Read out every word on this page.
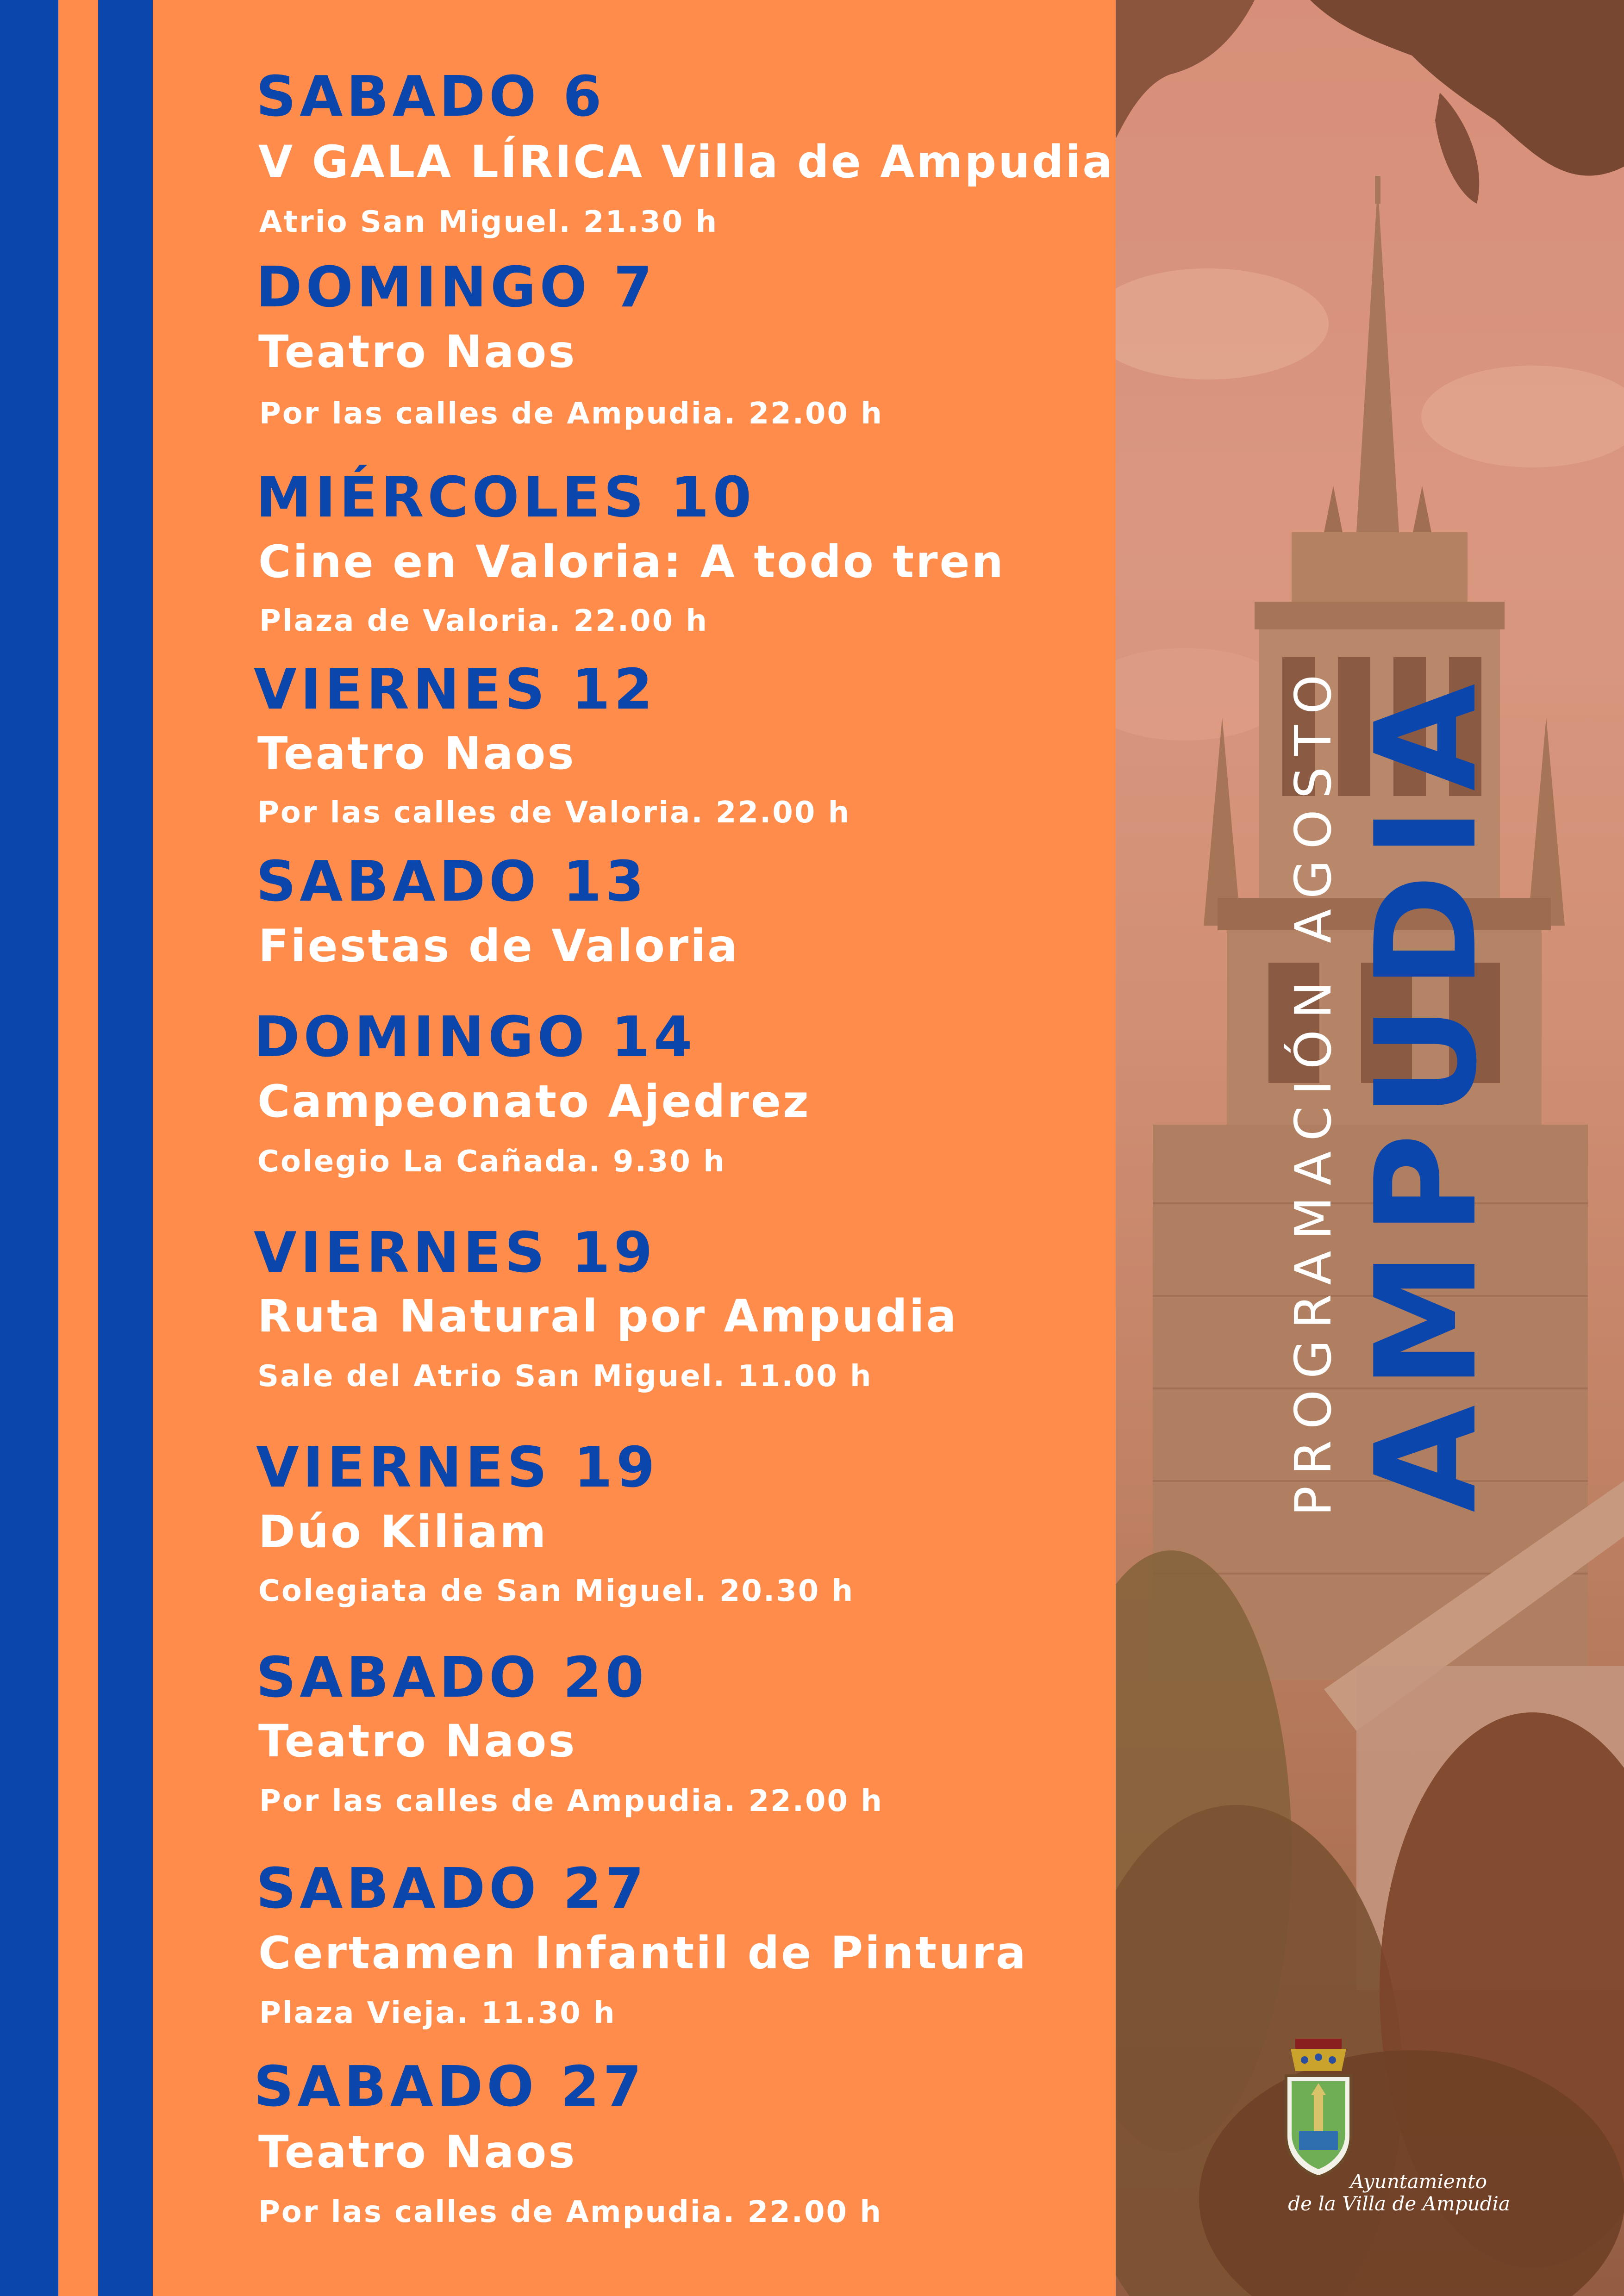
SABADO 6
V GALA LÍRICA Villa de Ampudia
Atrio San Miguel. 21.30 h
DOMINGO 7
Teatro Naos
Por las calles de Ampudia. 22.00 h
MIÉRCOLES 10
Cine en Valoria: A todo tren
Plaza de Valoria. 22.00 h
VIERNES 12
Teatro Naos
Por las calles de Valoria. 22.00 h
SABADO 13
Fiestas de Valoria
DOMINGO 14
Campeonato Ajedrez
Colegio La Cañada. 9.30 h
VIERNES 19
Ruta Natural por Ampudia
Sale del Atrio San Miguel. 11.00 h
VIERNES 19
Dúo Kiliam
Colegiata de San Miguel. 20.30 h
SABADO 20
Teatro Naos
Por las calles de Ampudia. 22.00 h
SABADO 27
Certamen Infantil de Pintura
Plaza Vieja. 11.30 h
SABADO 27
Teatro Naos
Por las calles de Ampudia. 22.00 h
AMPUDIA
PROGRAMACIÓN AGOSTO
Ayuntamiento
de la Villa de Ampudia
